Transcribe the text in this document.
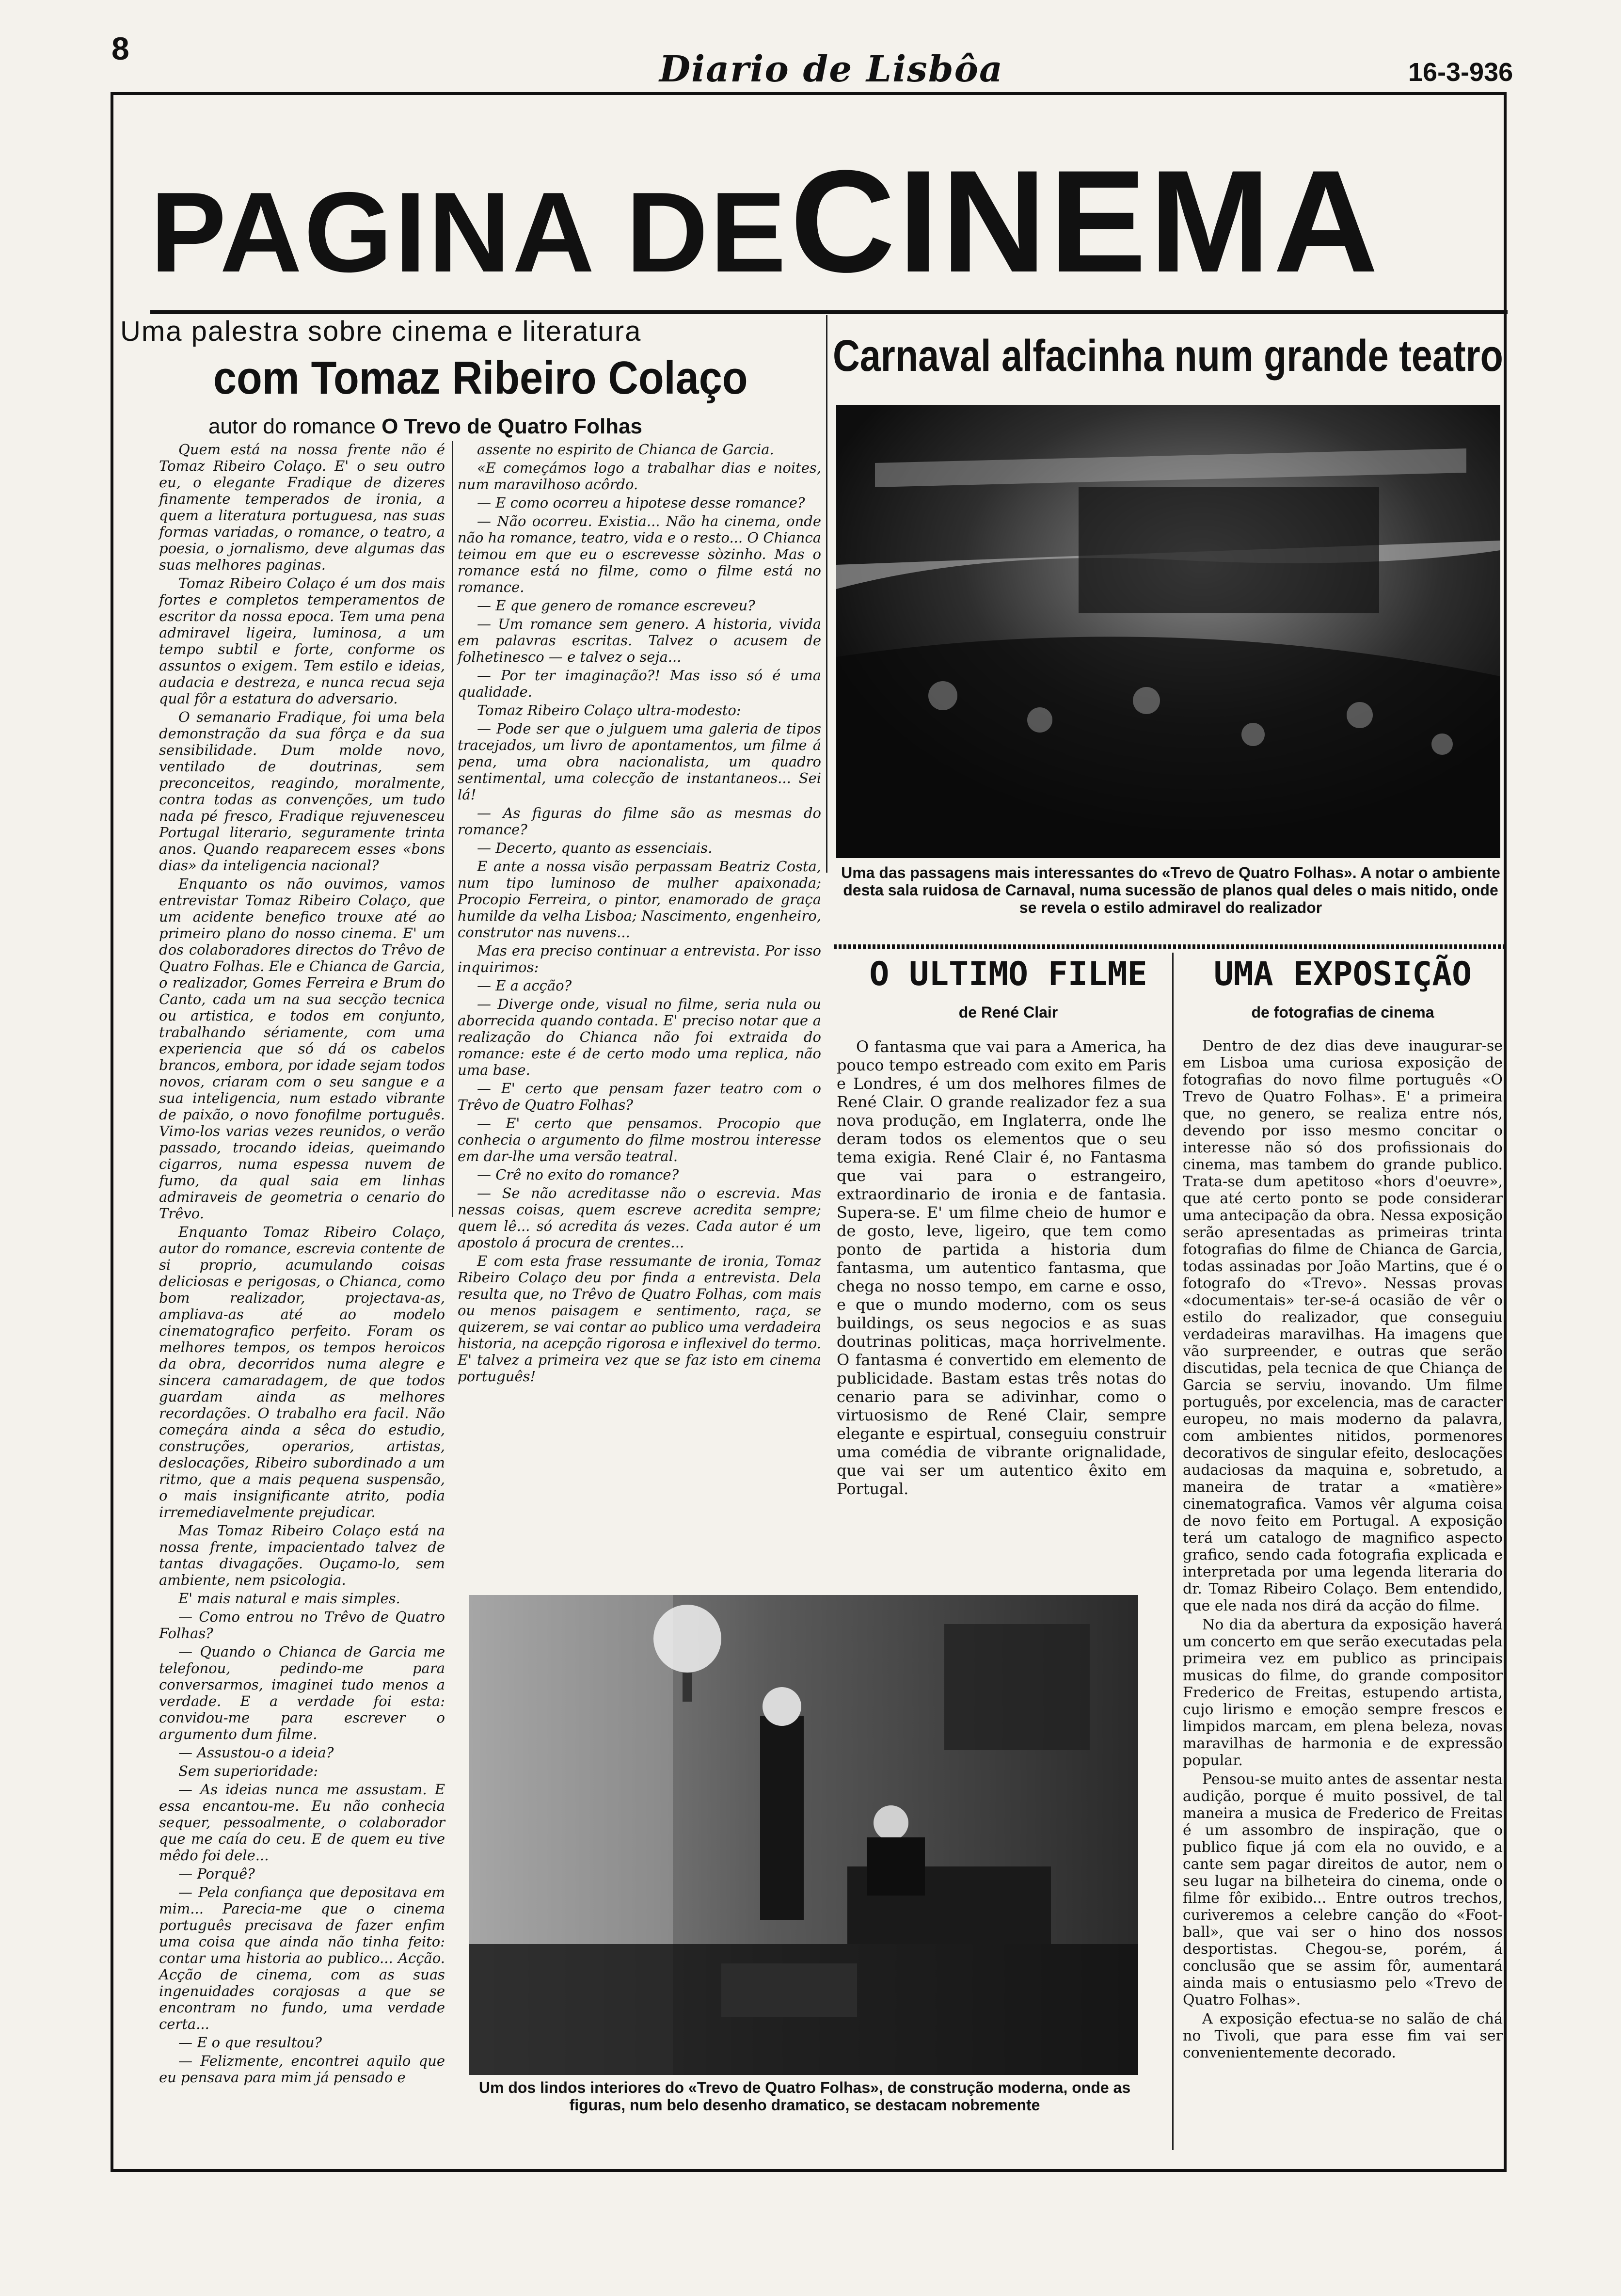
8	Diario de Lisbôa	16-3-936
PAGINA DE CINEMA
Uma palestra sobre cinema e literatura
com Tomaz Ribeiro Colaço
autor do romance O Trevo de Quatro Folhas

Quem está na nossa frente não é Tomaz Ribeiro Colaço. E' o seu outro eu, o elegante Fradique de dizeres finamente temperados de ironia, a quem a literatura portuguesa, nas suas formas variadas, o romance, o teatro, a poesia, o jornalismo, deve algumas das suas melhores paginas.

Tomaz Ribeiro Colaço é um dos mais fortes e completos temperamentos de escritor da nossa epoca. Tem uma pena admiravel ligeira, luminosa, a um tempo subtil e forte, conforme os assuntos o exigem. Tem estilo e ideias, audacia e destreza, e nunca recua seja qual fôr a estatura do adversario.

O semanario Fradique, foi uma bela demonstração da sua fôrça e da sua sensibilidade. Dum molde novo, ventilado de doutrinas, sem preconceitos, reagindo, moralmente, contra todas as convenções, um tudo nada pé fresco, Fradique rejuvenesceu Portugal literario, seguramente trinta anos. Quando reaparecem esses «bons dias» da inteligencia nacional?

Enquanto os não ouvimos, vamos entrevistar Tomaz Ribeiro Colaço, que um acidente benefico trouxe até ao primeiro plano do nosso cinema. E' um dos colaboradores directos do Trêvo de Quatro Folhas. Ele e Chianca de Garcia, o realizador, Gomes Ferreira e Brum do Canto, cada um na sua secção tecnica ou artistica, e todos em conjunto, trabalhando sériamente, com uma experiencia que só dá os cabelos brancos, embora, por idade sejam todos novos, criaram com o seu sangue e a sua inteligencia, num estado vibrante de paixão, o novo fonofilme português. Vimo-los varias vezes reunidos, o verão passado, trocando ideias, queimando cigarros, numa espessa nuvem de fumo, da qual saia em linhas admiraveis de geometria o cenario do Trêvo.

Enquanto Tomaz Ribeiro Colaço, autor do romance, escrevia contente de si proprio, acumulando coisas deliciosas e perigosas, o Chianca, como bom realizador, projectava-as, ampliava-as até ao modelo cinematografico perfeito. Foram os melhores tempos, os tempos heroicos da obra, decorridos numa alegre e sincera camaradagem, de que todos guardam ainda as melhores recordações. O trabalho era facil. Não começára ainda a sêca do estudio, construções, operarios, artistas, deslocações, Ribeiro subordinado a um ritmo, que a mais pequena suspensão, o mais insignificante atrito, podia irremediavelmente prejudicar.

Mas Tomaz Ribeiro Colaço está na nossa frente, impacientado talvez de tantas divagações. Ouçamo-lo, sem ambiente, nem psicologia.

E' mais natural e mais simples.

— Como entrou no Trêvo de Quatro Folhas?

— Quando o Chianca de Garcia me telefonou, pedindo-me para conversarmos, imaginei tudo menos a verdade. E a verdade foi esta: convidou-me para escrever o argumento dum filme.

— Assustou-o a ideia?

Sem superioridade:

— As ideias nunca me assustam. E essa encantou-me. Eu não conhecia sequer, pessoalmente, o colaborador que me caía do ceu. E de quem eu tive mêdo foi dele...

— Porquê?

— Pela confiança que depositava em mim... Parecia-me que o cinema português precisava de fazer enfim uma coisa que ainda não tinha feito: contar uma historia ao publico... Acção. Acção de cinema, com as suas ingenuidades corajosas a que se encontram no fundo, uma verdade certa...

— E o que resultou?

— Felizmente, encontrei aquilo que eu pensava para mim já pensado e

assente no espirito de Chianca de Garcia.

«E começámos logo a trabalhar dias e noites, num maravilhoso acôrdo.

— E como ocorreu a hipotese desse romance?

— Não ocorreu. Existia... Não ha cinema, onde não ha romance, teatro, vida e o resto... O Chianca teimou em que eu o escrevesse sòzinho. Mas o romance está no filme, como o filme está no romance.

— E que genero de romance escreveu?

— Um romance sem genero. A historia, vivida em palavras escritas. Talvez o acusem de folhetinesco — e talvez o seja...

— Por ter imaginação?! Mas isso só é uma qualidade.

Tomaz Ribeiro Colaço ultra-modesto:

— Pode ser que o julguem uma galeria de tipos tracejados, um livro de apontamentos, um filme á pena, uma obra nacionalista, um quadro sentimental, uma colecção de instantaneos... Sei lá!

— As figuras do filme são as mesmas do romance?

— Decerto, quanto as essenciais.

E ante a nossa visão perpassam Beatriz Costa, num tipo luminoso de mulher apaixonada; Procopio Ferreira, o pintor, enamorado de graça humilde da velha Lisboa; Nascimento, engenheiro, construtor nas nuvens...

Mas era preciso continuar a entrevista. Por isso inquirimos:

— E a acção?

— Diverge onde, visual no filme, seria nula ou aborrecida quando contada. E' preciso notar que a realização do Chianca não foi extraida do romance: este é de certo modo uma replica, não uma base.

— E' certo que pensam fazer teatro com o Trêvo de Quatro Folhas?

— E' certo que pensamos. Procopio que conhecia o argumento do filme mostrou interesse em dar-lhe uma versão teatral.

— Crê no exito do romance?

— Se não acreditasse não o escrevia. Mas nessas coisas, quem escreve acredita sempre; quem lê... só acredita ás vezes. Cada autor é um apostolo á procura de crentes...

E com esta frase ressumante de ironia, Tomaz Ribeiro Colaço deu por finda a entrevista. Dela resulta que, no Trêvo de Quatro Folhas, com mais ou menos paisagem e sentimento, raça, se quizerem, se vai contar ao publico uma verdadeira historia, na acepção rigorosa e inflexivel do termo. E' talvez a primeira vez que se faz isto em cinema português!

Carnaval alfacinha num grande teatro
Uma das passagens mais interessantes do «Trevo de Quatro Folhas». A notar o ambiente desta sala ruidosa de Carnaval, numa sucessão de planos qual deles o mais nitido, onde se revela o estilo admiravel do realizador
O ULTIMO FILME
de René Clair

O fantasma que vai para a America, ha pouco tempo estreado com exito em Paris e Londres, é um dos melhores filmes de René Clair. O grande realizador fez a sua nova produção, em Inglaterra, onde lhe deram todos os elementos que o seu tema exigia. René Clair é, no Fantasma que vai para o estrangeiro, extraordinario de ironia e de fantasia. Supera-se. E' um filme cheio de humor e de gosto, leve, ligeiro, que tem como ponto de partida a historia dum fantasma, um autentico fantasma, que chega no nosso tempo, em carne e osso, e que o mundo moderno, com os seus buildings, os seus negocios e as suas doutrinas politicas, maça horrivelmente. O fantasma é convertido em elemento de publicidade. Bastam estas três notas do cenario para se adivinhar, como o virtuosismo de René Clair, sempre elegante e espirtual, conseguiu construir uma comédia de vibrante orignalidade, que vai ser um autentico êxito em Portugal.

UMA EXPOSIÇÃO
de fotografias de cinema

Dentro de dez dias deve inaugurar-se em Lisboa uma curiosa exposição de fotografias do novo filme português «O Trevo de Quatro Folhas». E' a primeira que, no genero, se realiza entre nós, devendo por isso mesmo concitar o interesse não só dos profissionais do cinema, mas tambem do grande publico. Trata-se dum apetitoso «hors d'oeuvre», que até certo ponto se pode considerar uma antecipação da obra. Nessa exposição serão apresentadas as primeiras trinta fotografias do filme de Chianca de Garcia, todas assinadas por João Martins, que é o fotografo do «Trevo». Nessas provas «documentais» ter-se-á ocasião de vêr o estilo do realizador, que conseguiu verdadeiras maravilhas. Ha imagens que vão surpreender, e outras que serão discutidas, pela tecnica de que Chiança de Garcia se serviu, inovando. Um filme português, por excelencia, mas de caracter europeu, no mais moderno da palavra, com ambientes nitidos, pormenores decorativos de singular efeito, deslocações audaciosas da maquina e, sobretudo, a maneira de tratar a «matière» cinematografica. Vamos vêr alguma coisa de novo feito em Portugal. A exposição terá um catalogo de magnifico aspecto grafico, sendo cada fotografia explicada e interpretada por uma legenda literaria do dr. Tomaz Ribeiro Colaço. Bem entendido, que ele nada nos dirá da acção do filme.

No dia da abertura da exposição haverá um concerto em que serão executadas pela primeira vez em publico as principais musicas do filme, do grande compositor Frederico de Freitas, estupendo artista, cujo lirismo e emoção sempre frescos e limpidos marcam, em plena beleza, novas maravilhas de harmonia e de expressão popular.

Pensou-se muito antes de assentar nesta audição, porque é muito possivel, de tal maneira a musica de Frederico de Freitas é um assombro de inspiração, que o publico fique já com ela no ouvido, e a cante sem pagar direitos de autor, nem o seu lugar na bilheteira do cinema, onde o filme fôr exibido... Entre outros trechos, curiveremos a celebre canção do «Foot-ball», que vai ser o hino dos nossos desportistas. Chegou-se, porém, á conclusão que se assim fôr, aumentará ainda mais o entusiasmo pelo «Trevo de Quatro Folhas».

A exposição efectua-se no salão de chá no Tivoli, que para esse fim vai ser convenientemente decorado.

Um dos lindos interiores do «Trevo de Quatro Folhas», de construção moderna, onde as figuras, num belo desenho dramatico, se destacam nobremente
